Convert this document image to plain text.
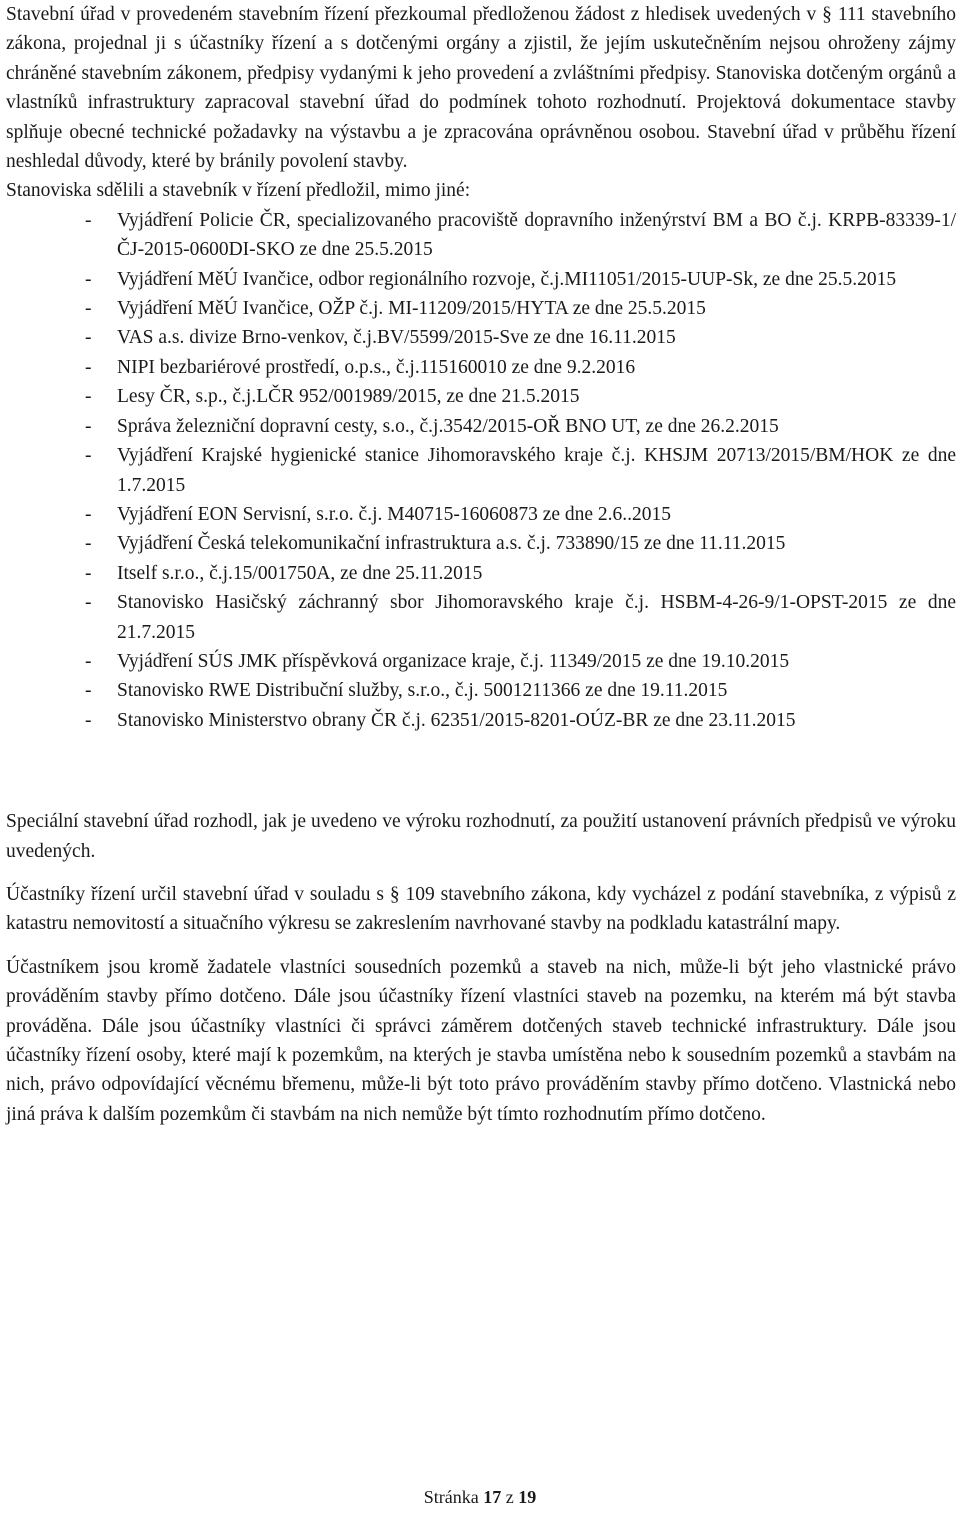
Stavební úřad v provedeném stavebním řízení přezkoumal předloženou žádost z hledisek uvedených v § 111 stavebního zákona, projednal ji s účastníky řízení a s dotčenými orgány a zjistil, že jejím uskutečněním nejsou ohroženy zájmy chráněné stavebním zákonem, předpisy vydanými k jeho provedení a zvláštními předpisy. Stanoviska dotčeným orgánů a vlastníků infrastruktury zapracoval stavební úřad do podmínek tohoto rozhodnutí. Projektová dokumentace stavby splňuje obecné technické požadavky na výstavbu a je zpracována oprávněnou osobou. Stavební úřad v průběhu řízení neshledal důvody, které by bránily povolení stavby.

Stanoviska sdělili a stavebník v řízení předložil, mimo jiné:

- Vyjádření Policie ČR, specializovaného pracoviště dopravního inženýrství BM a BO č.j. KRPB-83339-1/ČJ-2015-0600DI-SKO ze dne 25.5.2015
- Vyjádření MěÚ Ivančice, odbor regionálního rozvoje, č.j.MI11051/2015-UUP-Sk, ze dne 25.5.2015
- Vyjádření MěÚ Ivančice, OŽP č.j. MI-11209/2015/HYTA ze dne 25.5.2015
- VAS a.s. divize Brno-venkov, č.j.BV/5599/2015-Sve ze dne 16.11.2015
- NIPI bezbariérové prostředí, o.p.s., č.j.115160010 ze dne 9.2.2016
- Lesy ČR, s.p., č.j.LČR 952/001989/2015, ze dne 21.5.2015
- Správa železniční dopravní cesty, s.o., č.j.3542/2015-OŘ BNO UT, ze dne 26.2.2015
- Vyjádření Krajské hygienické stanice Jihomoravského kraje č.j. KHSJM 20713/2015/BM/HOK ze dne 1.7.2015
- Vyjádření EON Servisní, s.r.o. č.j. M40715-16060873 ze dne 2.6..2015
- Vyjádření Česká telekomunikační infrastruktura a.s. č.j. 733890/15 ze dne 11.11.2015
- Itself s.r.o., č.j.15/001750A, ze dne 25.11.2015
- Stanovisko Hasičský záchranný sbor Jihomoravského kraje č.j. HSBM-4-26-9/1-OPST-2015 ze dne 21.7.2015
- Vyjádření SÚS JMK příspěvková organizace kraje, č.j. 11349/2015 ze dne 19.10.2015
- Stanovisko RWE Distribuční služby, s.r.o., č.j. 5001211366 ze dne 19.11.2015
- Stanovisko Ministerstvo obrany ČR č.j. 62351/2015-8201-OÚZ-BR ze dne 23.11.2015

Speciální stavební úřad rozhodl, jak je uvedeno ve výroku rozhodnutí, za použití ustanovení právních předpisů ve výroku uvedených.

Účastníky řízení určil stavební úřad v souladu s § 109 stavebního zákona, kdy vycházel z podání stavebníka, z výpisů z katastru nemovitostí a situačního výkresu se zakreslením navrhované stavby na podkladu katastrální mapy.

Účastníkem jsou kromě žadatele vlastníci sousedních pozemků a staveb na nich, může-li být jeho vlastnické právo prováděním stavby přímo dotčeno. Dále jsou účastníky řízení vlastníci staveb na pozemku, na kterém má být stavba prováděna. Dále jsou účastníky vlastníci či správci záměrem dotčených staveb technické infrastruktury. Dále jsou účastníky řízení osoby, které mají k pozemkům, na kterých je stavba umístěna nebo k sousedním pozemků a stavbám na nich, právo odpovídající věcnému břemenu, může-li být toto právo prováděním stavby přímo dotčeno. Vlastnická nebo jiná práva k dalším pozemkům či stavbám na nich nemůže být tímto rozhodnutím přímo dotčeno.

Stránka 17 z 19
